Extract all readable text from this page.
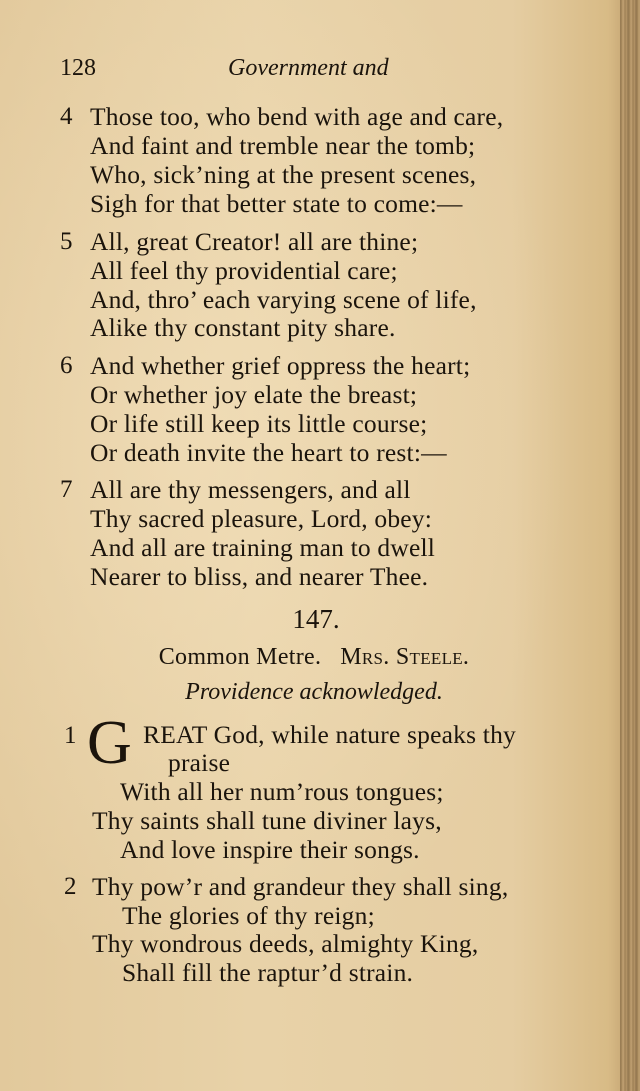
128	Government and
4 Those too, who bend with age and care,
And faint and tremble near the tomb;
Who, sick’ning at the present scenes,
Sigh for that better state to come:—
5 All, great Creator! all are thine;
All feel thy providential care;
And, thro’ each varying scene of life,
Alike thy constant pity share.
6 And whether grief oppress the heart;
Or whether joy elate the breast;
Or life still keep its little course;
Or death invite the heart to rest:—
7 All are thy messengers, and all
Thy sacred pleasure, Lord, obey:
And all are training man to dwell
Nearer to bliss, and nearer Thee.
147.
Common Metre. Mrs. Steele.
Providence acknowledged.
1 G REAT God, while nature speaks thy
praise
With all her num’rous tongues;
Thy saints shall tune diviner lays,
And love inspire their songs.
2 Thy pow’r and grandeur they shall sing,
The glories of thy reign;
Thy wondrous deeds, almighty King,
Shall fill the raptur’d strain.
